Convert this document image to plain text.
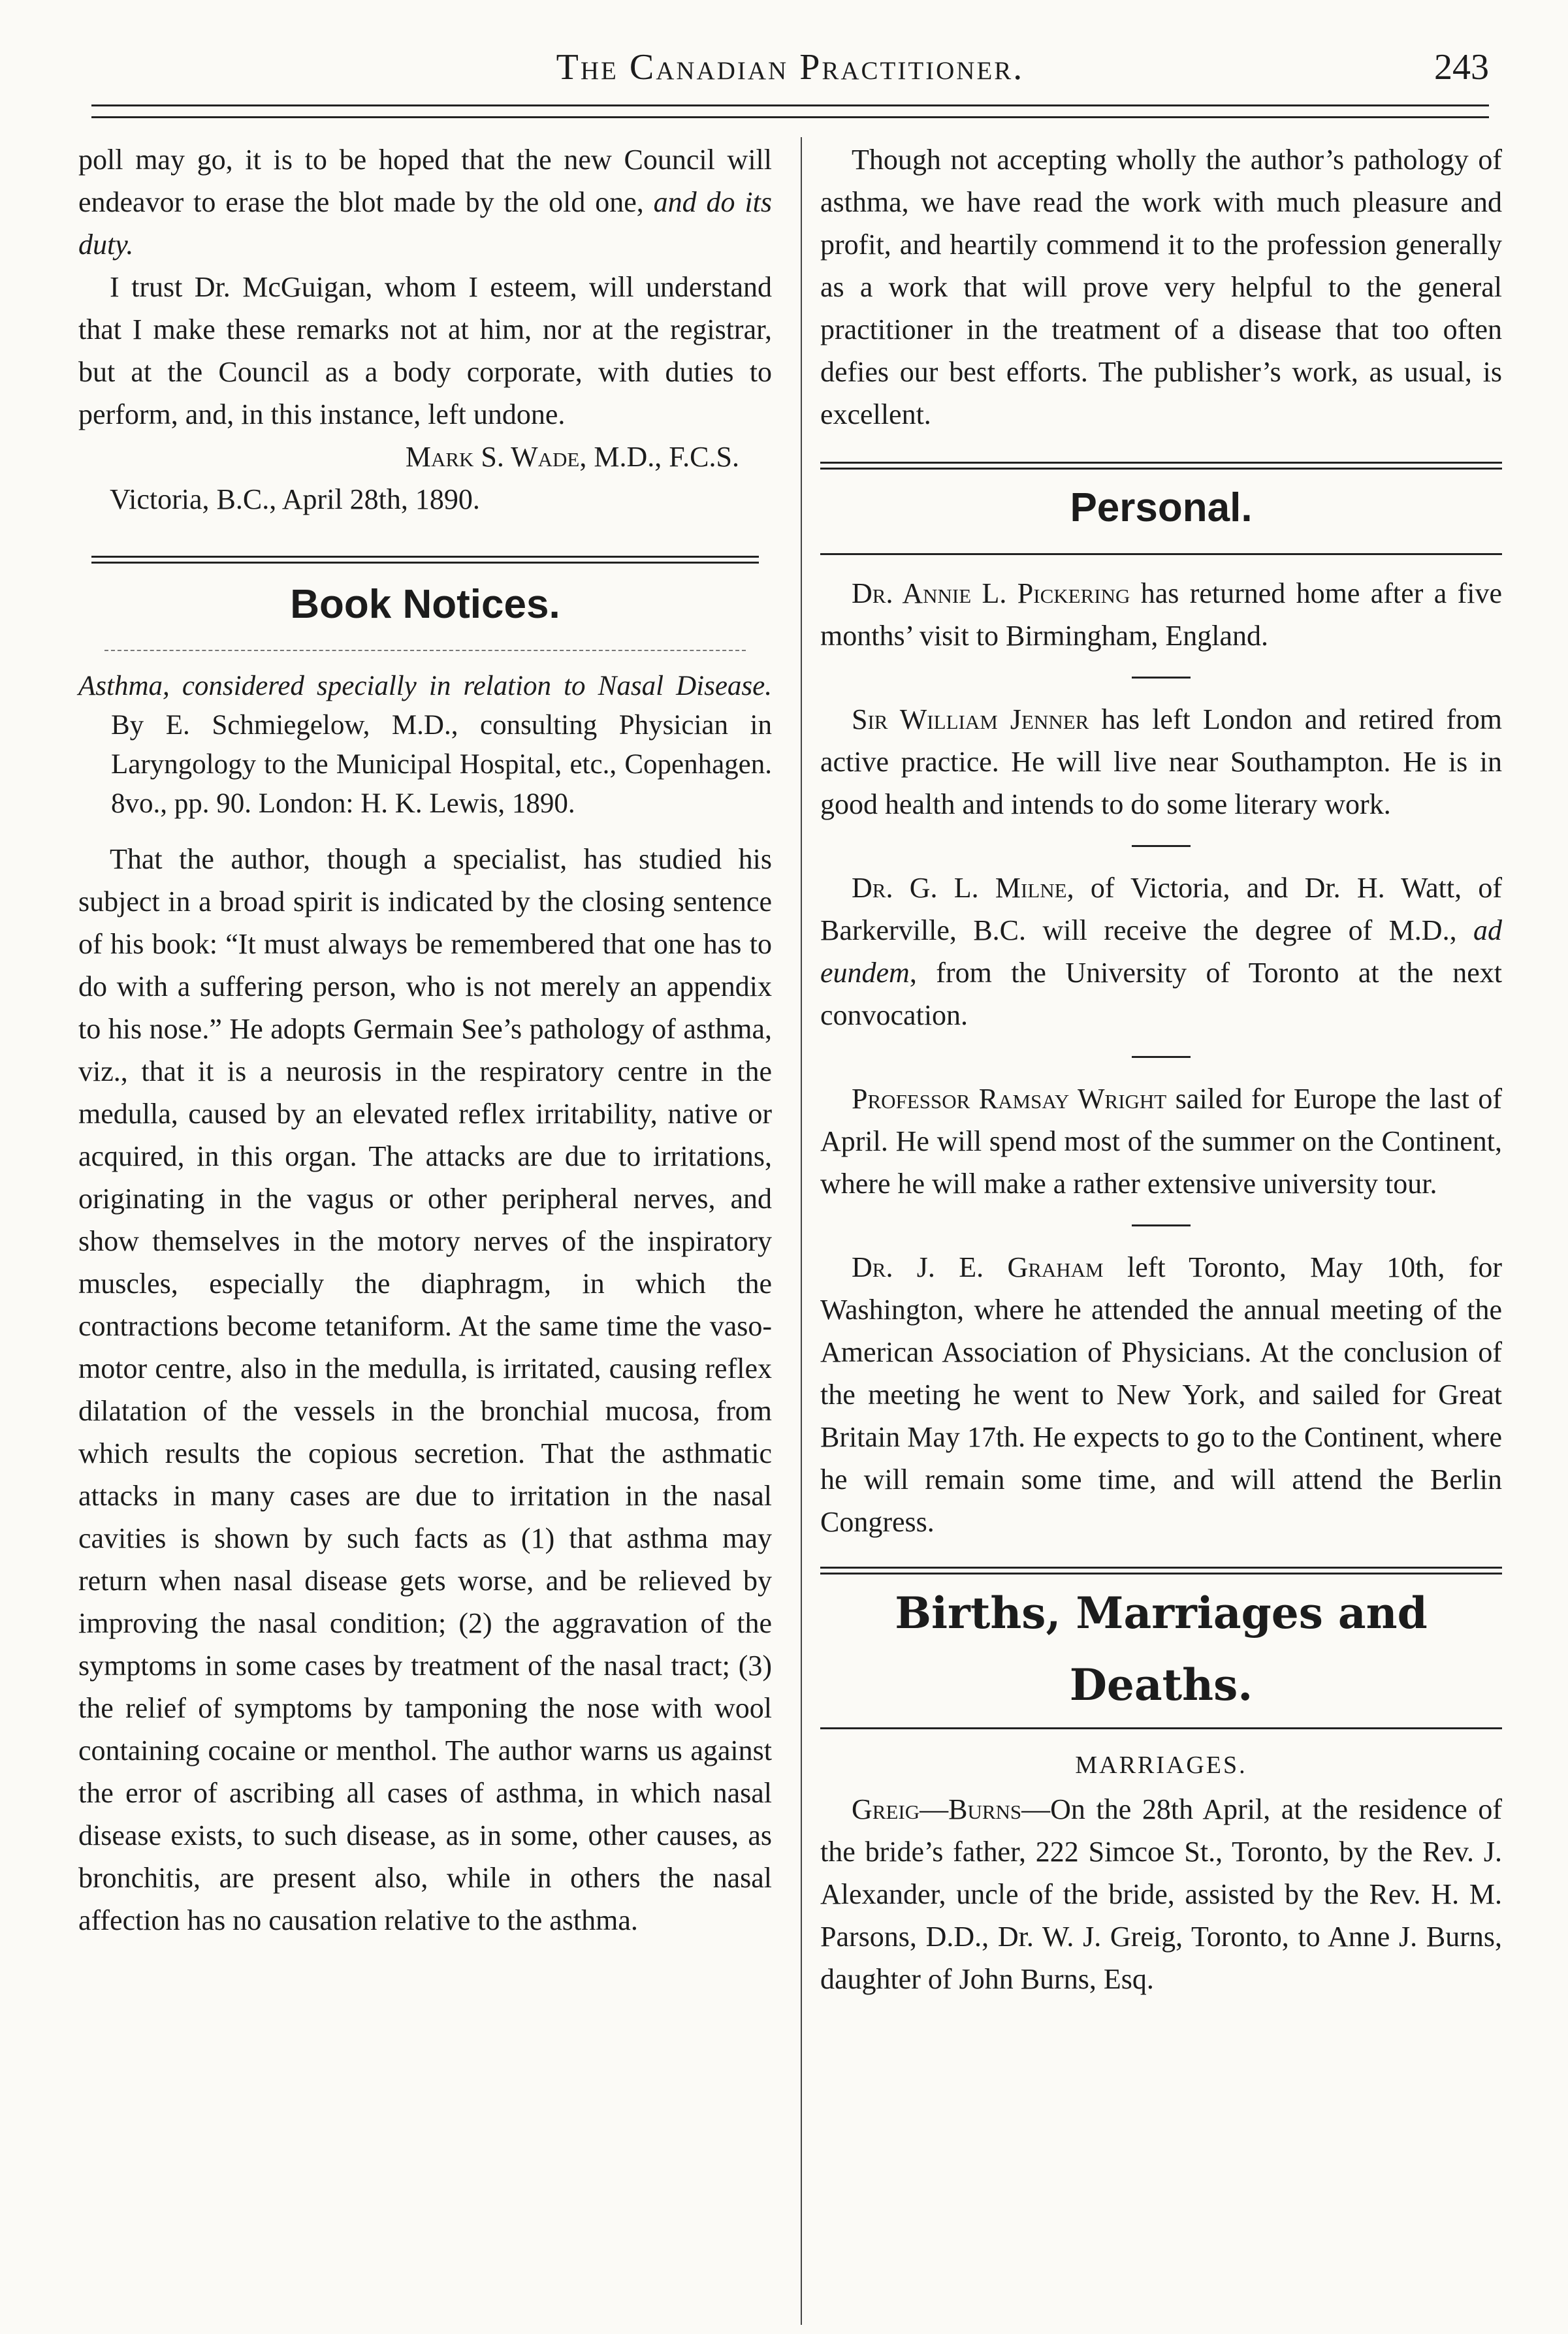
The Canadian Practitioner.	243

poll may go, it is to be hoped that the new Council will endeavor to erase the blot made by the old one, and do its duty.

I trust Dr. McGuigan, whom I esteem, will understand that I make these remarks not at him, nor at the registrar, but at the Council as a body corporate, with duties to perform, and, in this instance, left undone.

Mark S. Wade, M.D., F.C.S.

Victoria, B.C., April 28th, 1890.

Book Notices.

Asthma, considered specially in relation to Nasal Disease. By E. Schmiegelow, M.D., consulting Physician in Laryngology to the Municipal Hospital, etc., Copenhagen. 8vo., pp. 90. London: H. K. Lewis, 1890.

That the author, though a specialist, has studied his subject in a broad spirit is indicated by the closing sentence of his book: “It must always be remembered that one has to do with a suffering person, who is not merely an appendix to his nose.” He adopts Germain See’s pathology of asthma, viz., that it is a neurosis in the respiratory centre in the medulla, caused by an elevated reflex irritability, native or acquired, in this organ. The attacks are due to irritations, originating in the vagus or other peripheral nerves, and show themselves in the motory nerves of the inspiratory muscles, especially the diaphragm, in which the contractions become tetaniform. At the same time the vaso-motor centre, also in the medulla, is irritated, causing reflex dilatation of the vessels in the bronchial mucosa, from which results the copious secretion. That the asthmatic attacks in many cases are due to irritation in the nasal cavities is shown by such facts as (1) that asthma may return when nasal disease gets worse, and be relieved by improving the nasal condition; (2) the aggravation of the symptoms in some cases by treatment of the nasal tract; (3) the relief of symptoms by tamponing the nose with wool containing cocaine or menthol. The author warns us against the error of ascribing all cases of asthma, in which nasal disease exists, to such disease, as in some, other causes, as bronchitis, are present also, while in others the nasal affection has no causation relative to the asthma.

Though not accepting wholly the author’s pathology of asthma, we have read the work with much pleasure and profit, and heartily commend it to the profession generally as a work that will prove very helpful to the general practitioner in the treatment of a disease that too often defies our best efforts. The publisher’s work, as usual, is excellent.

Personal.

Dr. Annie L. Pickering has returned home after a five months’ visit to Birmingham, England.

Sir William Jenner has left London and retired from active practice. He will live near Southampton. He is in good health and intends to do some literary work.

Dr. G. L. Milne, of Victoria, and Dr. H. Watt, of Barkerville, B.C. will receive the degree of M.D., ad eundem, from the University of Toronto at the next convocation.

Professor Ramsay Wright sailed for Europe the last of April. He will spend most of the summer on the Continent, where he will make a rather extensive university tour.

Dr. J. E. Graham left Toronto, May 10th, for Washington, where he attended the annual meeting of the American Association of Physicians. At the conclusion of the meeting he went to New York, and sailed for Great Britain May 17th. He expects to go to the Continent, where he will remain some time, and will attend the Berlin Congress.

Births, Marriages and Deaths.
MARRIAGES.

Greig—Burns—On the 28th April, at the residence of the bride’s father, 222 Simcoe St., Toronto, by the Rev. J. Alexander, uncle of the bride, assisted by the Rev. H. M. Parsons, D.D., Dr. W. J. Greig, Toronto, to Anne J. Burns, daughter of John Burns, Esq.
